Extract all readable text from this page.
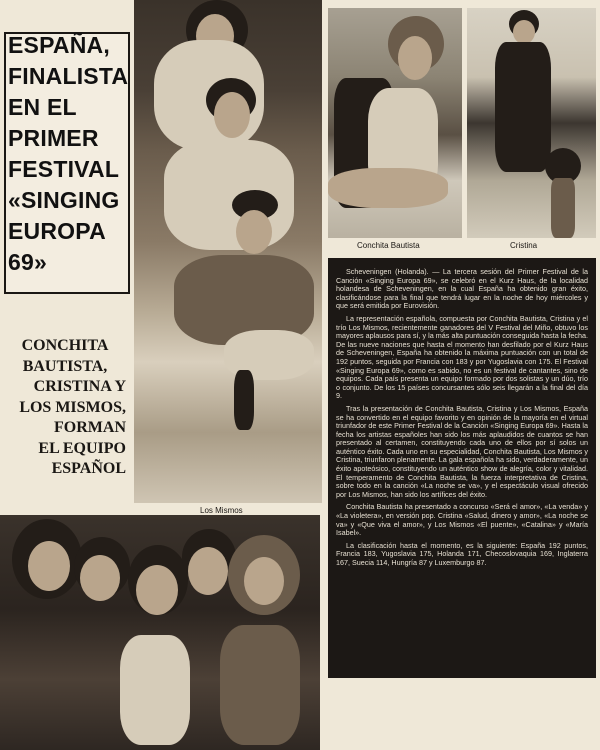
ESPAÑA,
FINALISTA
EN EL
PRIMER
FESTIVAL
«SINGING
EUROPA
69»
CONCHITA
BAUTISTA,
CRISTINA Y
LOS MISMOS,
FORMAN
EL EQUIPO
ESPAÑOL
Los Mismos
Conchita Bautista	Cristina

Scheveningen (Holanda). — La tercera sesión del Primer Festival de la Canción «Singing Europa 69», se celebró en el Kurz Haus, de la localidad holandesa de Scheveningen, en la cual España ha obtenido gran éxito, clasificándose para la final que tendrá lugar en la noche de hoy miércoles y que será emitida por Eurovisión.

La representación española, compuesta por Conchita Bautista, Cristina y el trío Los Mismos, recientemente ganadores del V Festival del Miño, obtuvo los mayores aplausos para sí, y la más alta puntuación conseguida hasta la fecha. De las nueve naciones que hasta el momento han desfilado por el Kurz Haus de Scheveningen, España ha obtenido la máxima puntuación con un total de 192 puntos, seguida por Francia con 183 y por Yugoslavia con 175. El Festival «Singing Europa 69», como es sabido, no es un festival de cantantes, sino de equipos. Cada país presenta un equipo formado por dos solistas y un dúo, trío o conjunto. De los 15 países concursantes sólo seis llegarán a la final del día 9.

Tras la presentación de Conchita Bautista, Cristina y Los Mismos, España se ha convertido en el equipo favorito y en opinión de la mayoría en el virtual triunfador de este Primer Festival de la Canción «Singing Europa 69». Hasta la fecha los artistas españoles han sido los más aplaudidos de cuantos se han presentado al certamen, constituyendo cada uno de ellos por sí solos un auténtico éxito. Cada uno en su especialidad, Conchita Bautista, Los Mismos y Cristina, triunfaron plenamente. La gala española ha sido, verdaderamente, un éxito apoteósico, constituyendo un auténtico show de alegría, color y vitalidad. El temperamento de Conchita Bautista, la fuerza interpretativa de Cristina, sobre todo en la canción «La noche se va», y el espectáculo visual ofrecido por Los Mismos, han sido los artífices del éxito.

Conchita Bautista ha presentado a concurso «Será el amor», «La venda» y «La violetera», en versión pop. Cristina «Salud, dinero y amor», «La noche se va» y «Que viva el amor», y Los Mismos «El puente», «Catalina» y «María Isabel».

La clasificación hasta el momento, es la siguiente: España 192 puntos, Francia 183, Yugoslavia 175, Holanda 171, Checoslovaquia 169, Inglaterra 167, Suecia 114, Hungría 87 y Luxemburgo 87.
